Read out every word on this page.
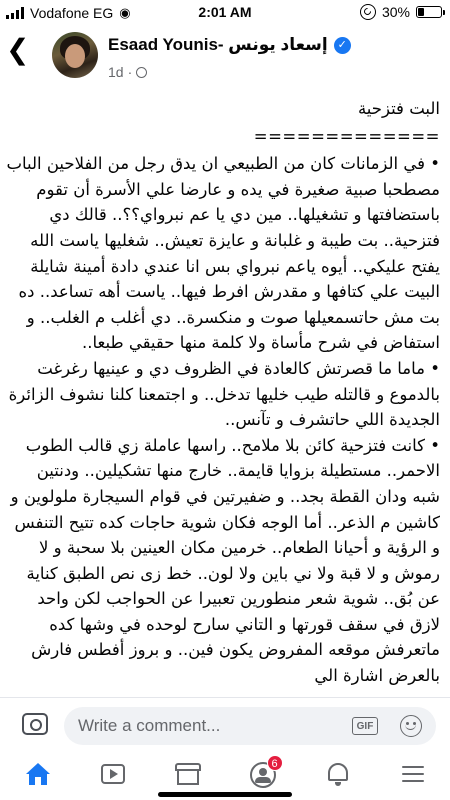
Vodafone EG ◉	2:01 AM	30%
❮	Esaad Younis- إسعاد يونس ✓
1d ·

البت فتزحية

=============

• في الزمانات كان من الطبيعي ان يدق رجل من الفلاحين الباب مصطحبا صبية صغيرة في يده و عارضا علي الأسرة أن تقوم باستضافتها و تشغيلها.. مين دي يا عم نبرواي؟؟.. قالك دي فتزحية.. بت طيبة و غلبانة و عايزة تعيش.. شغليها ياست الله يفتح عليكي.. أيوه ياعم نبرواي بس انا عندي دادة أمينة شايلة البيت علي كتافها و مقدرش افرط فيها.. ياست أهه تساعد.. ده بت مش حاتسمعيلها صوت و منكسرة.. دي أغلب م الغلب.. و استفاض في شرح مأساة ولا كلمة منها حقيقي طبعا..

• ماما ما قصرتش كالعادة في الظروف دي و عينيها رغرغت بالدموع و قالتله طيب خليها تدخل.. و اجتمعنا كلنا نشوف الزائرة الجديدة اللي حاتشرف و تآنس..

• كانت فتزحية كائن بلا ملامح.. راسها عاملة زي قالب الطوب الاحمر.. مستطيلة بزوايا قايمة.. خارج منها تشكيلين.. ودنتين شبه ودان القطة بجد.. و ضفيرتين في قوام السيجارة ملولوين و كاشين م الذعر.. أما الوجه فكان شوية حاجات كده تتيح التنفس و الرؤية و أحيانا الطعام.. خرمين مكان العينين بلا سحبة و لا رموش و لا قبة ولا ني باين ولا لون.. خط زى نص الطبق كناية عن بُق.. شوية شعر منطورين تعبيرا عن الحواجب لكن واحد لازق في سقف قورتها و التاني سارح لوحده في وشها كده ماتعرفش موقعه المفروض يكون فين.. و بروز أفطس فارش بالعرض اشارة الي

Write a comment...	GIF
6
